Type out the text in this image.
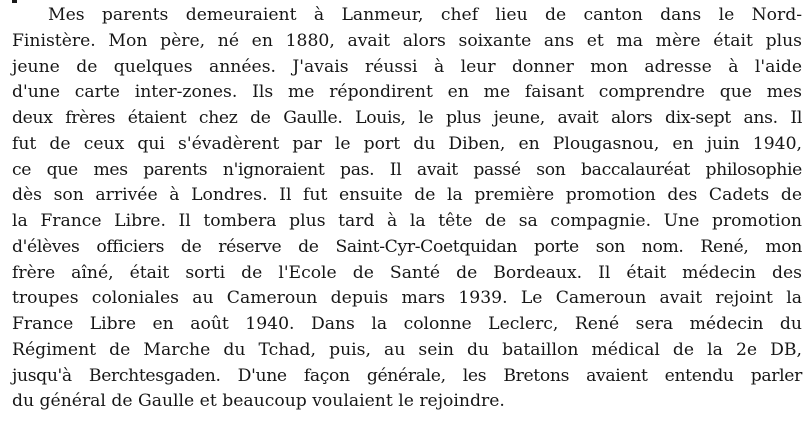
Mes parents demeuraient à Lanmeur, chef lieu de canton dans le Nord-
Finistère. Mon père, né en 1880, avait alors soixante ans et ma mère était plus
jeune de quelques années. J'avais réussi à leur donner mon adresse à l'aide
d'une carte inter-zones. Ils me répondirent en me faisant comprendre que mes
deux frères étaient chez de Gaulle. Louis, le plus jeune, avait alors dix-sept ans. Il
fut de ceux qui s'évadèrent par le port du Diben, en Plougasnou, en juin 1940,
ce que mes parents n'ignoraient pas. Il avait passé son baccalauréat philosophie
dès son arrivée à Londres. Il fut ensuite de la première promotion des Cadets de
la France Libre. Il tombera plus tard à la tête de sa compagnie. Une promotion
d'élèves officiers de réserve de Saint-Cyr-Coetquidan porte son nom. René, mon
frère aîné, était sorti de l'Ecole de Santé de Bordeaux. Il était médecin des
troupes coloniales au Cameroun depuis mars 1939. Le Cameroun avait rejoint la
France Libre en août 1940. Dans la colonne Leclerc, René sera médecin du
Régiment de Marche du Tchad, puis, au sein du bataillon médical de la 2e DB,
jusqu'à Berchtesgaden. D'une façon générale, les Bretons avaient entendu parler
du général de Gaulle et beaucoup voulaient le rejoindre.
